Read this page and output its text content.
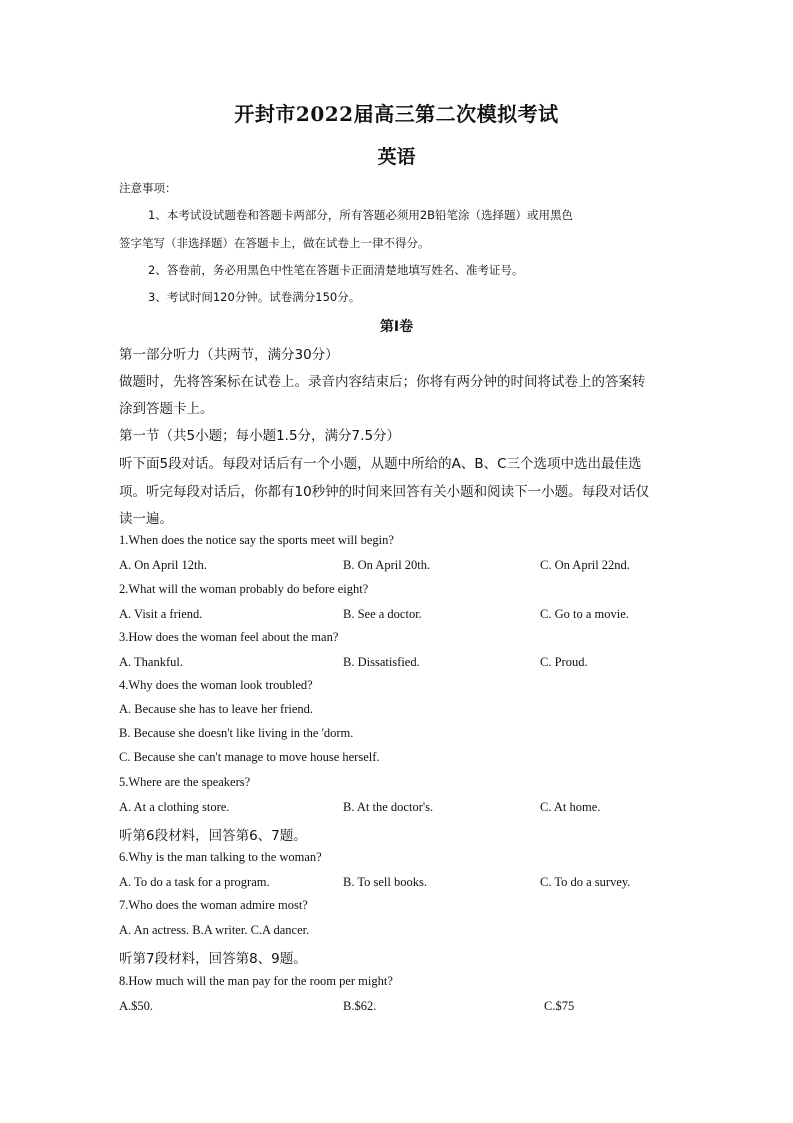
开封市2022届高三第二次模拟考试
英语
注意事项：
1、本考试设试题卷和答题卡两部分，所有答题必须用2B铅笔涂（选择题）或用黑色
签字笔写（非选择题）在答题卡上，做在试卷上一律不得分。
2、答卷前，务必用黑色中性笔在答题卡正面清楚地填写姓名、准考证号。
3、考试时间120分钟。试卷满分150分。
第I卷
第一部分听力（共两节，满分30分）
做题时，先将答案标在试卷上。录音内容结束后；你将有两分钟的时间将试卷上的答案转
涂到答题卡上。
第一节（共5小题；每小题1.5分，满分7.5分）
听下面5段对话。每段对话后有一个小题，从题中所给的A、B、C三个选项中选出最佳选
项。听完每段对话后，你都有10秒钟的时间来回答有关小题和阅读下一小题。每段对话仅
读一遍。
1.When does the notice say the sports meet will begin?
A. On April 12th.	B. On April 20th.	C. On April 22nd.
2.What will the woman probably do before eight?
A. Visit a friend.	B. See a doctor.	C. Go to a movie.
3.How does the woman feel about the man?
A. Thankful.	B. Dissatisfied.	C. Proud.
4.Why does the woman look troubled?
A. Because she has to leave her friend.
B. Because she doesn't like living in the 'dorm.
C. Because she can't manage to move house herself.
5.Where are the speakers?
A. At a clothing store.	B. At the doctor's.	C. At home.
听第6段材料，回答第6、7题。
6.Why is the man talking to the woman?
A. To do a task for a program.	B. To sell books.	C. To do a survey.
7.Who does the woman admire most?
A. An actress. B.A writer. C.A dancer.
听第7段材料，回答第8、9题。
8.How much will the man pay for the room per might?
A.$50.	B.$62.	C.$75
